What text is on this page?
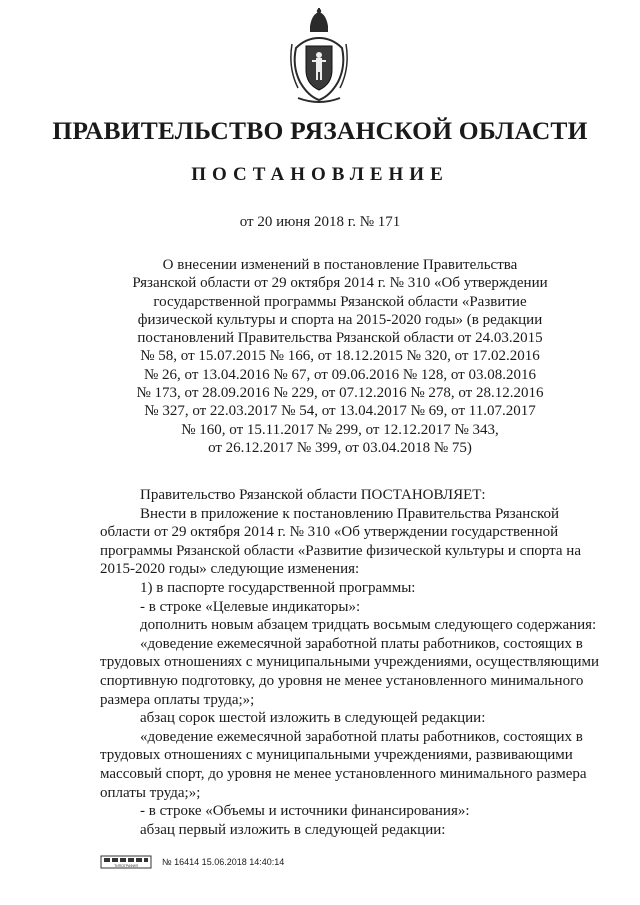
ПРАВИТЕЛЬСТВО РЯЗАНСКОЙ ОБЛАСТИ
ПОСТАНОВЛЕНИЕ
от 20 июня 2018 г. № 171
О внесении изменений в постановление Правительства
Рязанской области от 29 октября 2014 г. № 310 «Об утверждении
государственной программы Рязанской области «Развитие
физической культуры и спорта на 2015-2020 годы» (в редакции
постановлений Правительства Рязанской области от 24.03.2015
№ 58, от 15.07.2015 № 166, от 18.12.2015 № 320, от 17.02.2016
№ 26, от 13.04.2016 № 67, от 09.06.2016 № 128, от 03.08.2016
№ 173, от 28.09.2016 № 229, от 07.12.2016 № 278, от 28.12.2016
№ 327, от 22.03.2017 № 54, от 13.04.2017 № 69, от 11.07.2017
№ 160, от 15.11.2017 № 299, от 12.12.2017 № 343,
от 26.12.2017 № 399, от 03.04.2018 № 75)

Правительство Рязанской области ПОСТАНОВЛЯЕТ:

Внести в приложение к постановлению Правительства Рязанской
области от 29 октября 2014 г. № 310 «Об утверждении государственной
программы Рязанской области «Развитие физической культуры и спорта на
2015-2020 годы» следующие изменения:

1) в паспорте государственной программы:

- в строке «Целевые индикаторы»:

дополнить новым абзацем тридцать восьмым следующего содержания:

«доведение ежемесячной заработной платы работников, состоящих в
трудовых отношениях с муниципальными учреждениями, осуществляющими
спортивную подготовку, до уровня не менее установленного минимального
размера оплаты труда;»;

абзац сорок шестой изложить в следующей редакции:

«доведение ежемесячной заработной платы работников, состоящих в
трудовых отношениях с муниципальными учреждениями, развивающими
массовый спорт, до уровня не менее установленного минимального размера
оплаты труда;»;

- в строке «Объемы и источники финансирования»:

абзац первый изложить в следующей редакции:

ТИПОГРАФИЯ	№ 16414 15.06.2018 14:40:14
